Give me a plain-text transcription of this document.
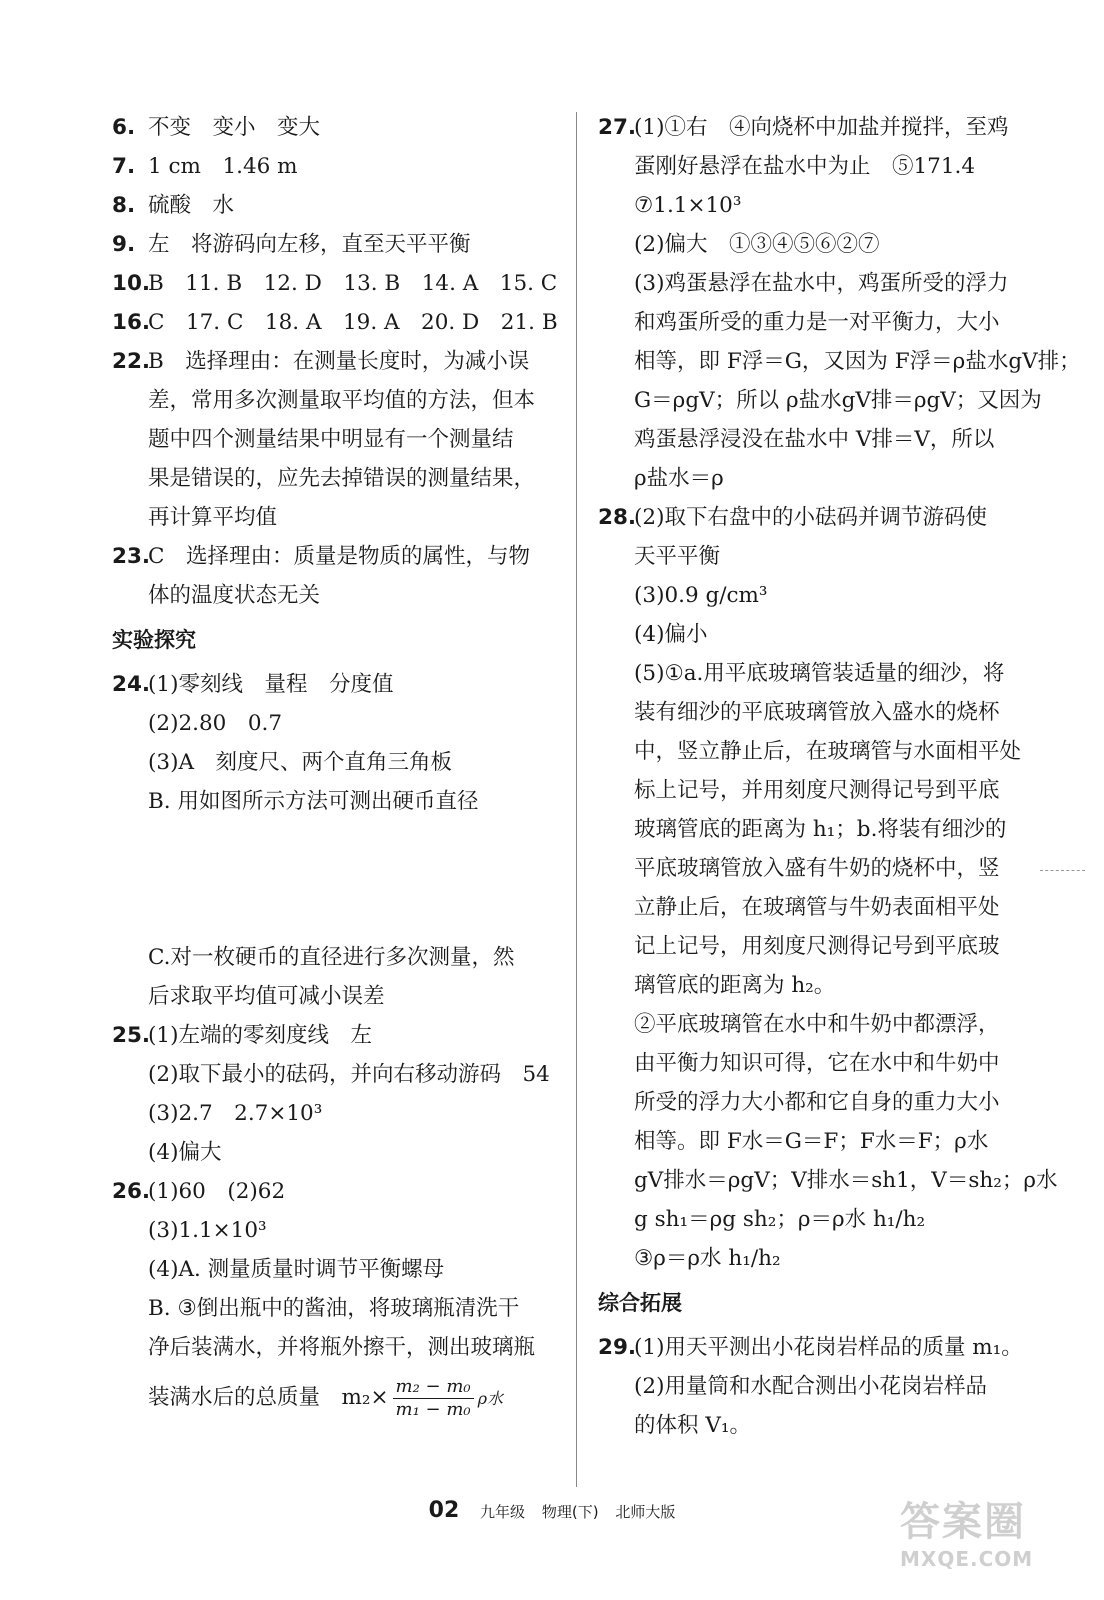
6. 不变　变小　变大
7. 1 cm　1.46 m
8. 硫酸　水
9. 左　将游码向左移，直至天平平衡
10.B　11. B　12. D　13. B　14. A　15. C
16.C　17. C　18. A　19. A　20. D　21. B
22.B　选择理由：在测量长度时，为减小误
差，常用多次测量取平均值的方法，但本
题中四个测量结果中明显有一个测量结
果是错误的，应先去掉错误的测量结果，
再计算平均值
23.C　选择理由：质量是物质的属性，与物
体的温度状态无关
实验探究
24.(1)零刻线　量程　分度值
(2)2.80　0.7
(3)A　刻度尺、两个直角三角板
B. 用如图所示方法可测出硬币直径
C.对一枚硬币的直径进行多次测量，然
后求取平均值可减小误差
25.(1)左端的零刻度线　左
(2)取下最小的砝码，并向右移动游码　54
(3)2.7　2.7×10³
(4)偏大
26.(1)60　(2)62
(3)1.1×10³
(4)A. 测量质量时调节平衡螺母
B. ③倒出瓶中的酱油，将玻璃瓶清洗干
净后装满水，并将瓶外擦干，测出玻璃瓶
装满水后的总质量　$m_2\times \frac{\text{m₂ − m₀}}{\text{m₁ − m₀}}$ ρ水
27.(1)①右　④向烧杯中加盐并搅拌，至鸡
蛋刚好悬浮在盐水中为止　⑤171.4
⑦1.1×10³
(2)偏大　①③④⑤⑥②⑦
(3)鸡蛋悬浮在盐水中，鸡蛋所受的浮力
和鸡蛋所受的重力是一对平衡力，大小
相等，即 F浮＝G，又因为 F浮＝ρ盐水gV排；
G＝ρgV；所以 ρ盐水gV排＝ρgV；又因为
鸡蛋悬浮浸没在盐水中 V排＝V，所以
ρ盐水＝ρ
28.(2)取下右盘中的小砝码并调节游码使
天平平衡
(3)0.9 g/cm³
(4)偏小
(5)①a.用平底玻璃管装适量的细沙，将
装有细沙的平底玻璃管放入盛水的烧杯
中，竖立静止后，在玻璃管与水面相平处
标上记号，并用刻度尺测得记号到平底
玻璃管底的距离为 h₁；b.将装有细沙的
平底玻璃管放入盛有牛奶的烧杯中，竖
立静止后，在玻璃管与牛奶表面相平处
记上记号，用刻度尺测得记号到平底玻
璃管底的距离为 h₂。
②平底玻璃管在水中和牛奶中都漂浮，
由平衡力知识可得，它在水中和牛奶中
所受的浮力大小都和它自身的重力大小
相等。即 F水＝G＝F；F水＝F；ρ水
gV排水＝ρgV；V排水＝sh1，V＝sh₂；ρ水
g sh₁＝ρg sh₂；ρ＝ρ水 h₁/h₂
③ρ＝ρ水 h₁/h₂
综合拓展
29.(1)用天平测出小花岗岩样品的质量 m₁。
(2)用量筒和水配合测出小花岗岩样品
的体积 V₁。
02 九年级 物理(下) 北师大版	答案圈
MXQE.COM
